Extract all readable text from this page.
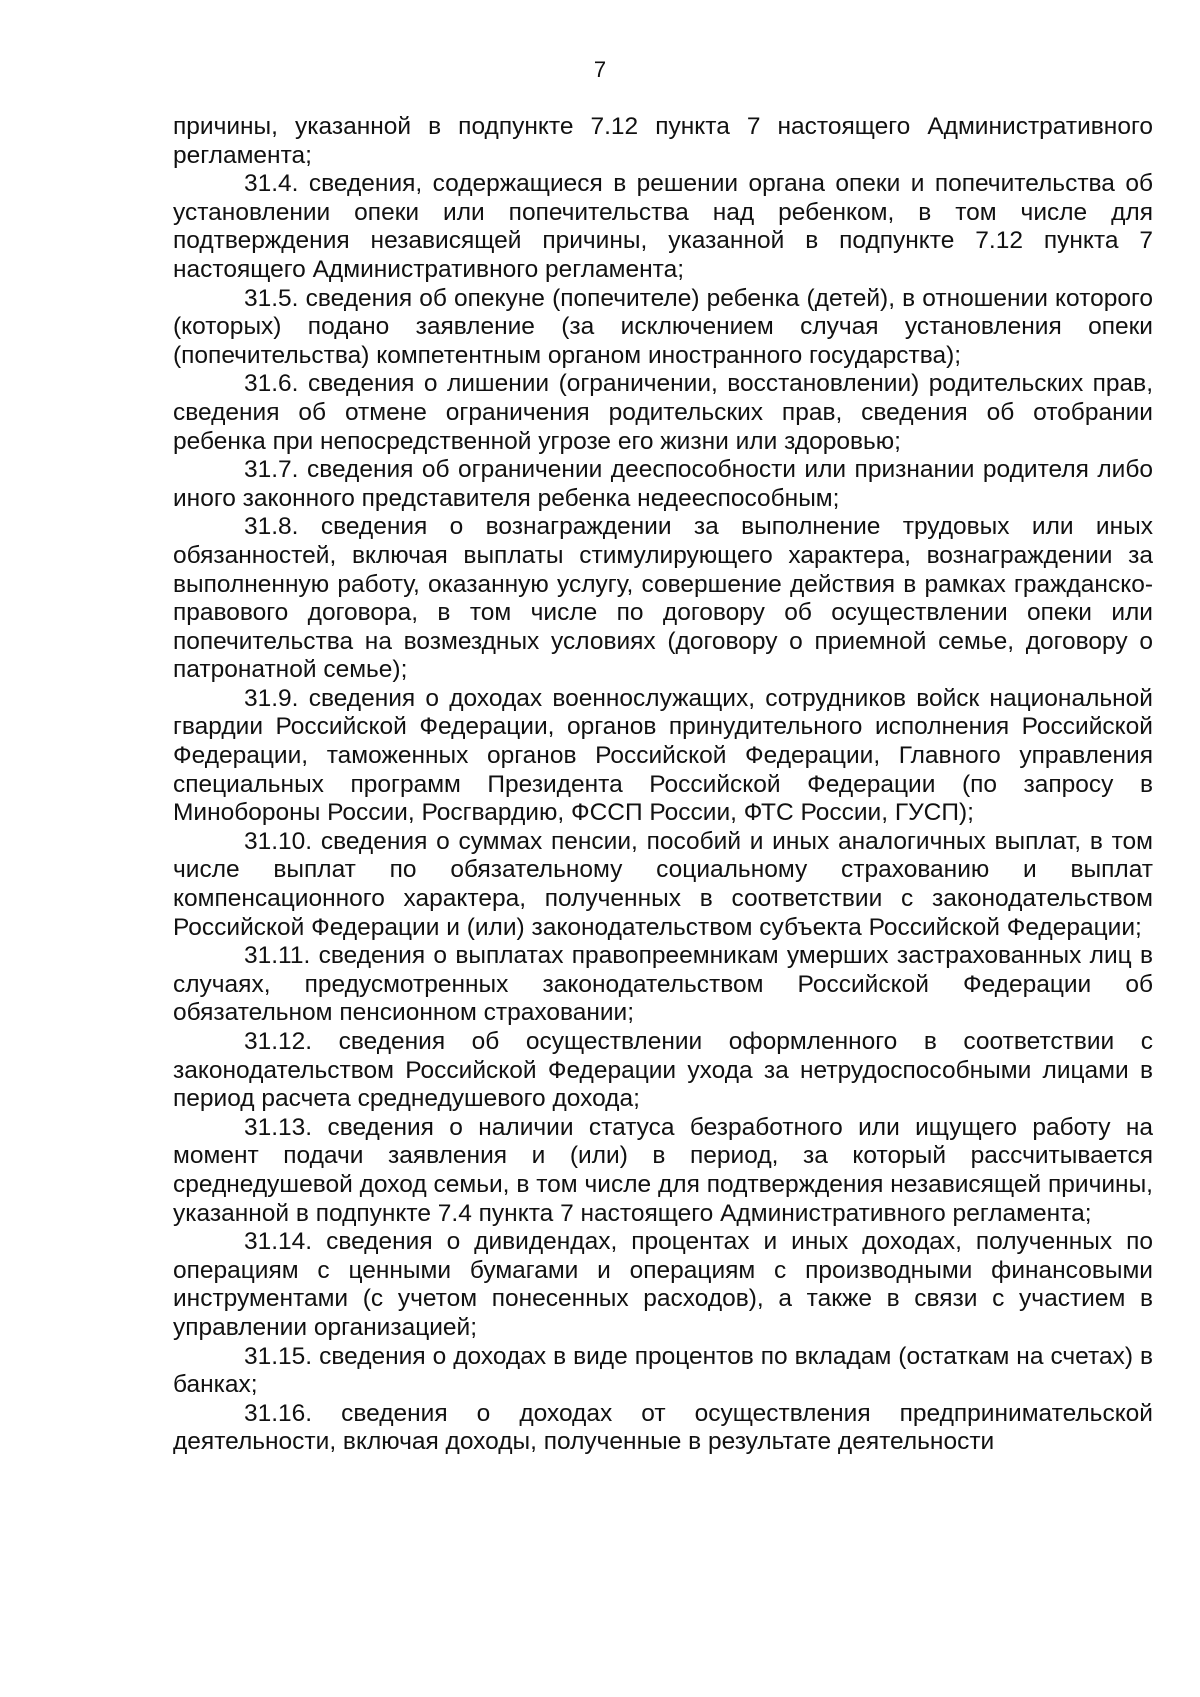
7

причины, указанной в подпункте 7.12 пункта 7 настоящего Административного регламента;

31.4. сведения, содержащиеся в решении органа опеки и попечительства об установлении опеки или попечительства над ребенком, в том числе для подтверждения независящей причины, указанной в подпункте 7.12 пункта 7 настоящего Административного регламента;

31.5. сведения об опекуне (попечителе) ребенка (детей), в отношении которого (которых) подано заявление (за исключением случая установления опеки (попечительства) компетентным органом иностранного государства);

31.6. сведения о лишении (ограничении, восстановлении) родительских прав, сведения об отмене ограничения родительских прав, сведения об отобрании ребенка при непосредственной угрозе его жизни или здоровью;

31.7. сведения об ограничении дееспособности или признании родителя либо иного законного представителя ребенка недееспособным;

31.8. сведения о вознаграждении за выполнение трудовых или иных обязанностей, включая выплаты стимулирующего характера, вознаграждении за выполненную работу, оказанную услугу, совершение действия в рамках гражданско- правового договора, в том числе по договору об осуществлении опеки или попечительства на возмездных условиях (договору о приемной семье, договору о патронатной семье);

31.9. сведения о доходах военнослужащих, сотрудников войск национальной гвардии Российской Федерации, органов принудительного исполнения Российской Федерации, таможенных органов Российской Федерации, Главного управления специальных программ Президента Российской Федерации (по запросу в Минобороны России, Росгвардию, ФССП России, ФТС России, ГУСП);

31.10. сведения о суммах пенсии, пособий и иных аналогичных выплат, в том числе выплат по обязательному социальному страхованию и выплат компенсационного характера, полученных в соответствии с законодательством Российской Федерации и (или) законодательством субъекта Российской Федерации;

31.11. сведения о выплатах правопреемникам умерших застрахованных лиц в случаях, предусмотренных законодательством Российской Федерации об обязательном пенсионном страховании;

31.12. сведения об осуществлении оформленного в соответствии с законодательством Российской Федерации ухода за нетрудоспособными лицами в период расчета среднедушевого дохода;

31.13. сведения о наличии статуса безработного или ищущего работу на момент подачи заявления и (или) в период, за который рассчитывается среднедушевой доход семьи, в том числе для подтверждения независящей причины, указанной в подпункте 7.4 пункта 7 настоящего Административного регламента;

31.14. сведения о дивидендах, процентах и иных доходах, полученных по операциям с ценными бумагами и операциям с производными финансовыми инструментами (с учетом понесенных расходов), а также в связи с участием в управлении организацией;

31.15. сведения о доходах в виде процентов по вкладам (остаткам на счетах) в банках;

31.16. сведения о доходах от осуществления предпринимательской деятельности, включая доходы, полученные в результате деятельности
